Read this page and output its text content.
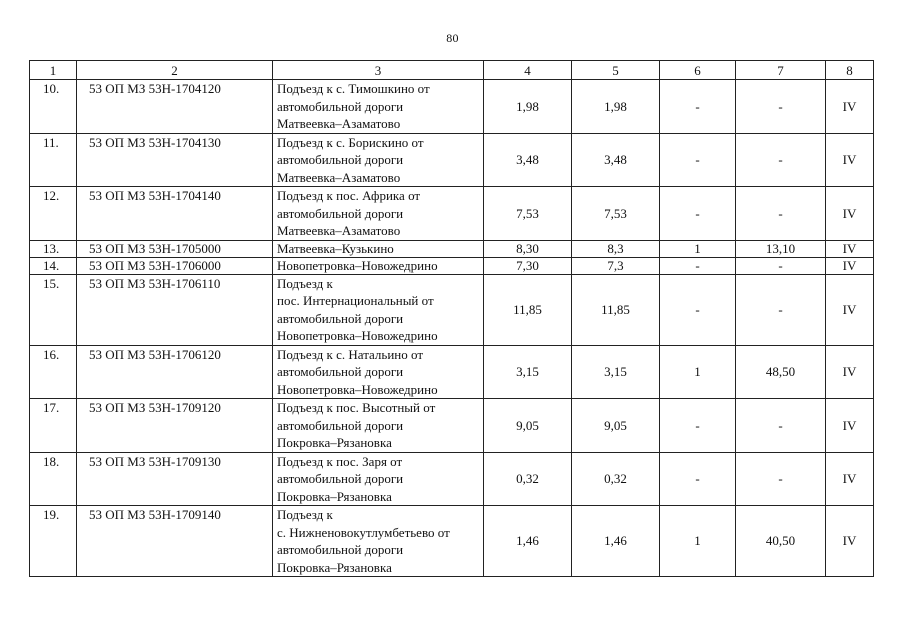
80
1	2	3	4	5	6	7	8
10.	53 ОП МЗ 53Н-1704120	Подъезд к с. Тимошкино от
автомобильной дороги
Матвеевка–Азаматово	1,98	1,98	-	-	IV
11.	53 ОП МЗ 53Н-1704130	Подъезд к с. Борискино от
автомобильной дороги
Матвеевка–Азаматово	3,48	3,48	-	-	IV
12.	53 ОП МЗ 53Н-1704140	Подъезд к пос. Африка от
автомобильной дороги
Матвеевка–Азаматово	7,53	7,53	-	-	IV
13.	53 ОП МЗ 53Н-1705000	Матвеевка–Кузькино	8,30	8,3	1	13,10	IV
14.	53 ОП МЗ 53Н-1706000	Новопетровка–Новожедрино	7,30	7,3	-	-	IV
15.	53 ОП МЗ 53Н-1706110	Подъезд к
пос. Интернациональный от
автомобильной дороги
Новопетровка–Новожедрино	11,85	11,85	-	-	IV
16.	53 ОП МЗ 53Н-1706120	Подъезд к с. Натальино от
автомобильной дороги
Новопетровка–Новожедрино	3,15	3,15	1	48,50	IV
17.	53 ОП МЗ 53Н-1709120	Подъезд к пос. Высотный от
автомобильной дороги
Покровка–Рязановка	9,05	9,05	-	-	IV
18.	53 ОП МЗ 53Н-1709130	Подъезд к пос. Заря от
автомобильной дороги
Покровка–Рязановка	0,32	0,32	-	-	IV
19.	53 ОП МЗ 53Н-1709140	Подъезд к
с. Нижненовокутлумбетьево от
автомобильной дороги
Покровка–Рязановка	1,46	1,46	1	40,50	IV
